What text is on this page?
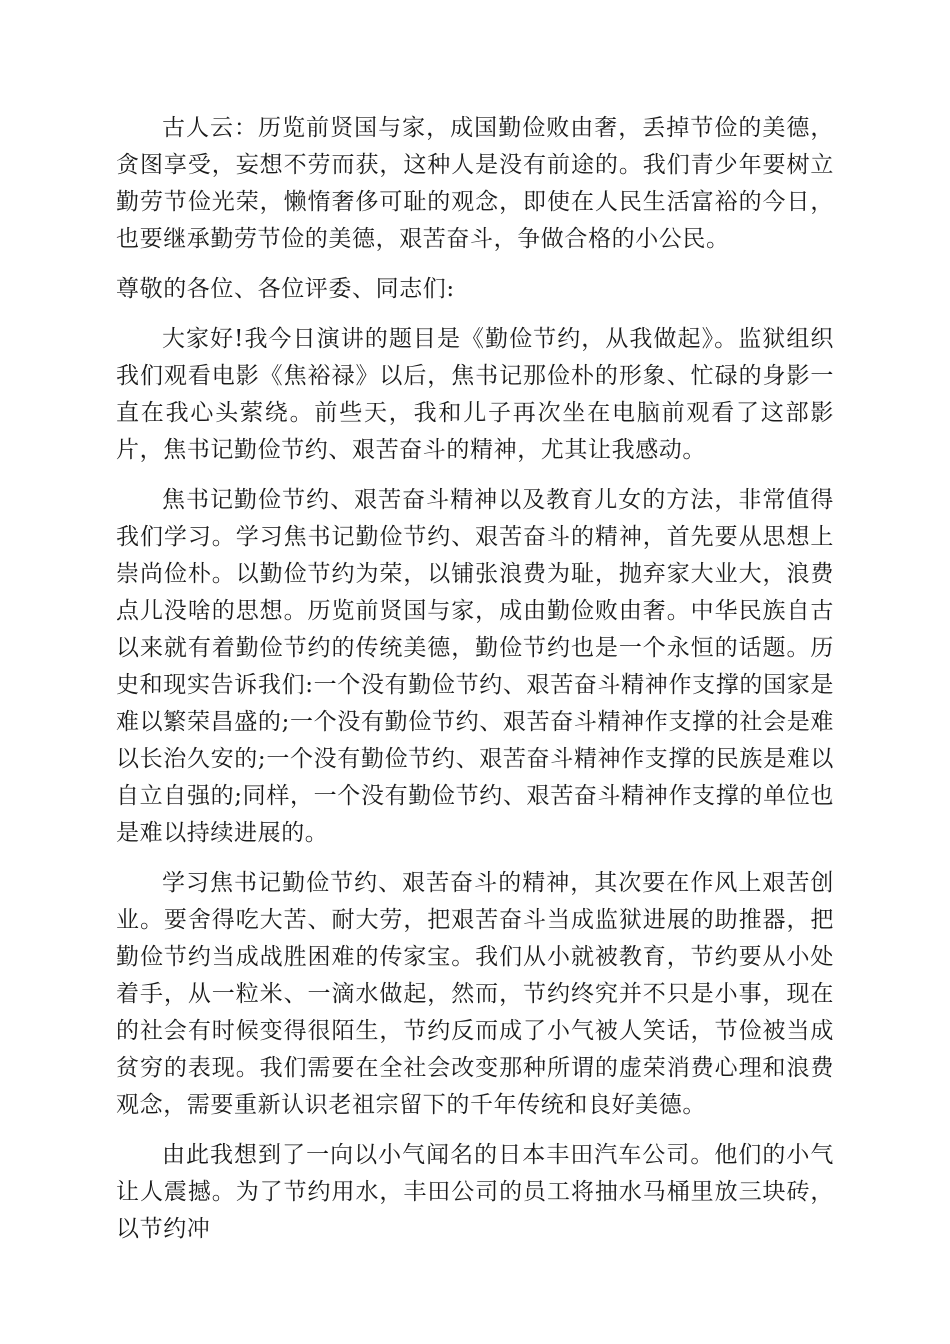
古人云：历览前贤国与家，成国勤俭败由奢，丢掉节俭的美德，贪图享受，妄想不劳而获，这种人是没有前途的。我们青少年要树立勤劳节俭光荣，懒惰奢侈可耻的观念，即使在人民生活富裕的今日，也要继承勤劳节俭的美德，艰苦奋斗，争做合格的小公民。

尊敬的各位、各位评委、同志们:

大家好!我今日演讲的题目是《勤俭节约，从我做起》。监狱组织我们观看电影《焦裕禄》以后，焦书记那俭朴的形象、忙碌的身影一直在我心头萦绕。前些天，我和儿子再次坐在电脑前观看了这部影片，焦书记勤俭节约、艰苦奋斗的精神，尤其让我感动。

焦书记勤俭节约、艰苦奋斗精神以及教育儿女的方法，非常值得我们学习。学习焦书记勤俭节约、艰苦奋斗的精神，首先要从思想上崇尚俭朴。以勤俭节约为荣，以铺张浪费为耻，抛弃家大业大，浪费点儿没啥的思想。历览前贤国与家，成由勤俭败由奢。中华民族自古以来就有着勤俭节约的传统美德，勤俭节约也是一个永恒的话题。历史和现实告诉我们:一个没有勤俭节约、艰苦奋斗精神作支撑的国家是难以繁荣昌盛的;一个没有勤俭节约、艰苦奋斗精神作支撑的社会是难以长治久安的;一个没有勤俭节约、艰苦奋斗精神作支撑的民族是难以自立自强的;同样，一个没有勤俭节约、艰苦奋斗精神作支撑的单位也是难以持续进展的。

学习焦书记勤俭节约、艰苦奋斗的精神，其次要在作风上艰苦创业。要舍得吃大苦、耐大劳，把艰苦奋斗当成监狱进展的助推器，把勤俭节约当成战胜困难的传家宝。我们从小就被教育，节约要从小处着手，从一粒米、一滴水做起，然而，节约终究并不只是小事，现在的社会有时候变得很陌生，节约反而成了小气被人笑话，节俭被当成贫穷的表现。我们需要在全社会改变那种所谓的虚荣消费心理和浪费观念，需要重新认识老祖宗留下的千年传统和良好美德。

由此我想到了一向以小气闻名的日本丰田汽车公司。他们的小气让人震撼。为了节约用水，丰田公司的员工将抽水马桶里放三块砖，以节约冲
